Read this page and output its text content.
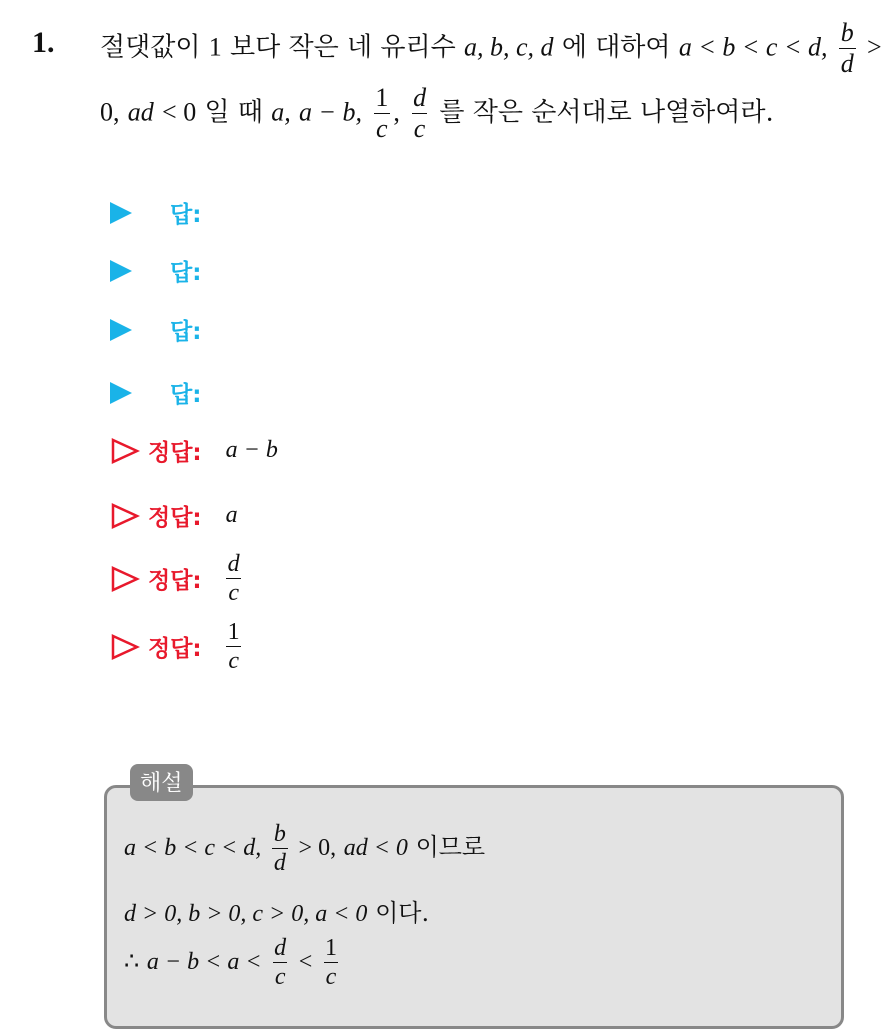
1. 절댓값이 1 보다 작은 네 유리수 a, b, c, d 에 대하여 a < b < c < d, $\frac{b}{d}$ >
0, ad < 0 일 때 a, a − b, $\frac{1}{c}$ , $\frac{d}{c}$ 를 작은 순서대로 나열하여라.
답:
답:
답:
답:
정답: a − b
정답: a
정답: $\frac{d}{c}$
정답: $\frac{1}{c}$
해설
a < b < c < d, $\frac{b}{d} > 0$, ad < 0 이므로
d > 0, b > 0, c > 0, a < 0 이다.
∴ $a - b < a < \frac{d}{c} < \frac{1}{c}$
